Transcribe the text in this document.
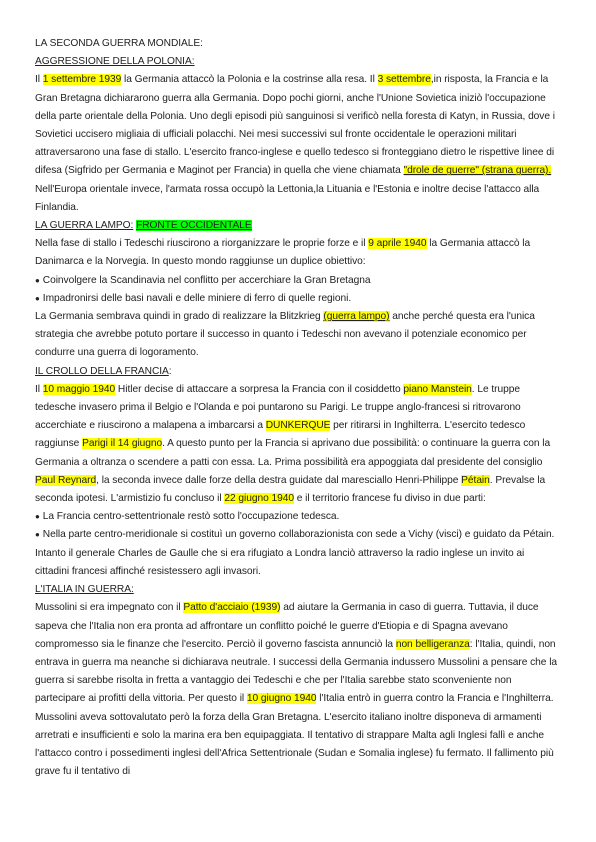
LA SECONDA GUERRA MONDIALE:

AGGRESSIONE DELLA POLONIA:

Il 1 settembre 1939 la Germania attaccò la Polonia e la costrinse alla resa. Il 3 settembre,in risposta, la Francia e la Gran Bretagna dichiararono guerra alla Germania. Dopo pochi giorni, anche l'Unione Sovietica iniziò l'occupazione della parte orientale della Polonia. Uno degli episodi più sanguinosi si verificò nella foresta di Katyn, in Russia, dove i Sovietici uccisero migliaia di ufficiali polacchi. Nei mesi successivi sul fronte occidentale le operazioni militari attraversarono una fase di stallo. L'esercito franco-inglese e quello tedesco si fronteggiano dietro le rispettive linee di difesa (Sigfrido per Germania e Maginot per Francia) in quella che viene chiamata "drole de guerre" (strana guerra).

Nell'Europa orientale invece, l'armata rossa occupò la Lettonia,la Lituania e l'Estonia e inoltre decise l'attacco alla Finlandia.

LA GUERRA LAMPO: FRONTE OCCIDENTALE

Nella fase di stallo i Tedeschi riuscirono a riorganizzare le proprie forze e il 9 aprile 1940 la Germania attaccò la Danimarca e la Norvegia. In questo mondo raggiunse un duplice obiettivo:

● Coinvolgere la Scandinavia nel conflitto per accerchiare la Gran Bretagna

● Impadronirsi delle basi navali e delle miniere di ferro di quelle regioni.

La Germania sembrava quindi in grado di realizzare la Blitzkrieg (guerra lampo) anche perché questa era l'unica strategia che avrebbe potuto portare il successo in quanto i Tedeschi non avevano il potenziale economico per condurre una guerra di logoramento.

IL CROLLO DELLA FRANCIA:

Il 10 maggio 1940 Hitler decise di attaccare a sorpresa la Francia con il cosiddetto piano Manstein. Le truppe tedesche invasero prima il Belgio e l'Olanda e poi puntarono su Parigi. Le truppe anglo-francesi si ritrovarono accerchiate e riuscirono a malapena a imbarcarsi a DUNKERQUE per ritirarsi in Inghilterra. L'esercito tedesco raggiunse Parigi il 14 giugno. A questo punto per la Francia si aprivano due possibilità: o continuare la guerra con la Germania a oltranza o scendere a patti con essa. La. Prima possibilità era appoggiata dal presidente del consiglio Paul Reynard, la seconda invece dalle forze della destra guidate dal maresciallo Henri-Philippe Pétain. Prevalse la seconda ipotesi. L'armistizio fu concluso il 22 giugno 1940 e il territorio francese fu diviso in due parti:

● La Francia centro-settentrionale restò sotto l'occupazione tedesca.

● Nella parte centro-meridionale si costituì un governo collaborazionista con sede a Vichy (visci) e guidato da Pétain.

Intanto il generale Charles de Gaulle che si era rifugiato a Londra lanciò attraverso la radio inglese un invito ai cittadini francesi affinché resistessero agli invasori.

L'ITALIA IN GUERRA:

Mussolini si era impegnato con il Patto d'acciaio (1939) ad aiutare la Germania in caso di guerra. Tuttavia, il duce sapeva che l'Italia non era pronta ad affrontare un conflitto poiché le guerre d'Etiopia e di Spagna avevano compromesso sia le finanze che l'esercito. Perciò il governo fascista annunciò la non belligeranza: l'Italia, quindi, non entrava in guerra ma neanche si dichiarava neutrale. I successi della Germania indussero Mussolini a pensare che la guerra si sarebbe risolta in fretta a vantaggio dei Tedeschi e che per l'Italia sarebbe stato sconveniente non partecipare ai profitti della vittoria. Per questo il 10 giugno 1940 l'Italia entrò in guerra contro la Francia e l'Inghilterra. Mussolini aveva sottovalutato però la forza della Gran Bretagna. L'esercito italiano inoltre disponeva di armamenti arretrati e insufficienti e solo la marina era ben equipaggiata. Il tentativo di strappare Malta agli Inglesi fallì e anche l'attacco contro i possedimenti inglesi dell'Africa Settentrionale (Sudan e Somalia inglese) fu fermato. Il fallimento più grave fu il tentativo di
